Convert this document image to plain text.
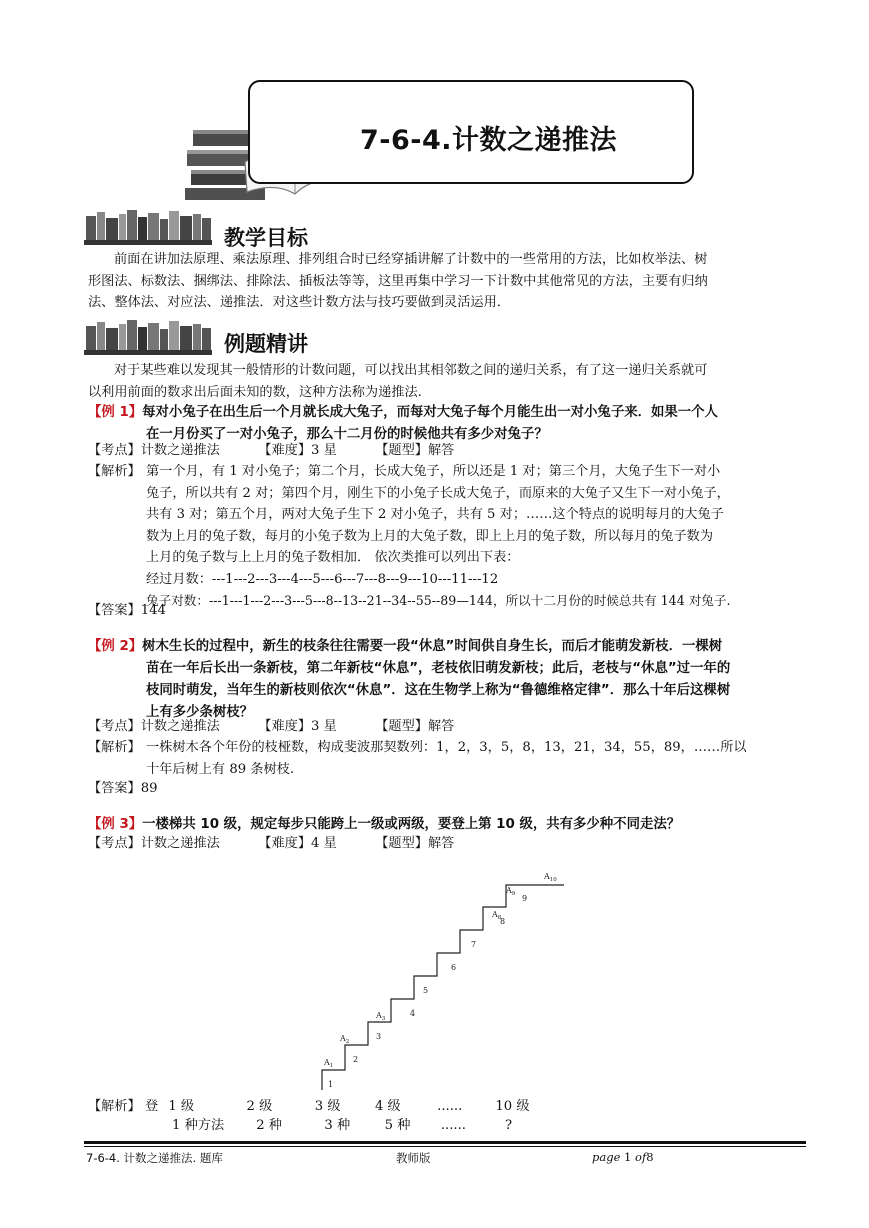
7-6-4.计数之递推法
教学目标
前面在讲加法原理、乘法原理、排列组合时已经穿插讲解了计数中的一些常用的方法，比如枚举法、树
形图法、标数法、捆绑法、排除法、插板法等等，这里再集中学习一下计数中其他常见的方法，主要有归纳
法、整体法、对应法、递推法．对这些计数方法与技巧要做到灵活运用．
例题精讲
对于某些难以发现其一般情形的计数问题，可以找出其相邻数之间的递归关系，有了这一递归关系就可
以利用前面的数求出后面未知的数，这种方法称为递推法.
【例 1】每对小兔子在出生后一个月就长成大兔子，而每对大兔子每个月能生出一对小兔子来．如果一个人
在一月份买了一对小兔子，那么十二月份的时候他共有多少对兔子？
【考点】计数之递推法	【难度】3 星	【题型】解答
【解析】 第一个月，有 1 对小兔子；第二个月，长成大兔子，所以还是 1 对；第三个月，大兔子生下一对小
兔子，所以共有 2 对；第四个月，刚生下的小兔子长成大兔子，而原来的大兔子又生下一对小兔子，
共有 3 对；第五个月，两对大兔子生下 2 对小兔子，共有 5 对；……这个特点的说明每月的大兔子
数为上月的兔子数，每月的小兔子数为上月的大兔子数，即上上月的兔子数，所以每月的兔子数为
上月的兔子数与上上月的兔子数相加． 依次类推可以列出下表：
经过月数：---1---2---3---4---5---6---7---8---9---10---11---12
兔子对数：---1---1---2---3---5---8--13--21--34--55--89—144，所以十二月份的时候总共有 144 对兔子.
【答案】144
【例 2】树木生长的过程中，新生的枝条往往需要一段“休息”时间供自身生长，而后才能萌发新枝．一棵树
苗在一年后长出一条新枝，第二年新枝“休息”，老枝依旧萌发新枝；此后，老枝与“休息”过一年的
枝同时萌发，当年生的新枝则依次“休息”．这在生物学上称为“鲁德维格定律”．那么十年后这棵树
上有多少条树枝？
【考点】计数之递推法	【难度】3 星	【题型】解答
【解析】 一株树木各个年份的枝桠数，构成斐波那契数列：1，2，3，5，8，13，21，34，55，89，……所以
十年后树上有 89 条树枝.
【答案】89
【例 3】一楼梯共 10 级，规定每步只能跨上一级或两级，要登上第 10 级，共有多少种不同走法？
【考点】计数之递推法	【难度】4 星	【题型】解答
1
2
3
4
5
6
7
8
9
$A_1$
$A_2$
$A_3$
$A_8$
$A_9$
$A_{10}$
【解析】 登 1 级	2 级	3 级	4 级	......	10 级
1 种方法 2 种	3 种	5 种 ......	?
7-6-4. 计数之递推法. 题库	教师版	page 1 of8
